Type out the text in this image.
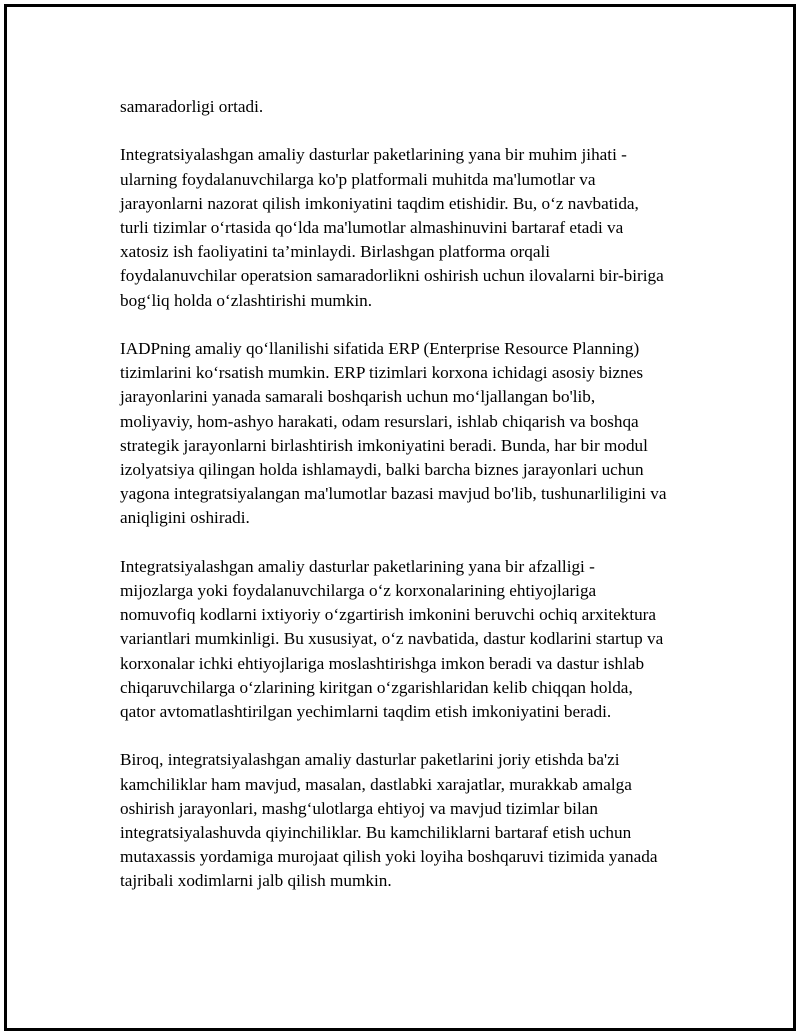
samaradorligi ortadi.

Integratsiyalashgan amaliy dasturlar paketlarining yana bir muhim jihati - ularning foydalanuvchilarga ko'p platformali muhitda ma'lumotlar va jarayonlarni nazorat qilish imkoniyatini taqdim etishidir. Bu, o‘z navbatida, turli tizimlar o‘rtasida qo‘lda ma'lumotlar almashinuvini bartaraf etadi va xatosiz ish faoliyatini ta’minlaydi. Birlashgan platforma orqali foydalanuvchilar operatsion samaradorlikni oshirish uchun ilovalarni bir-biriga bog‘liq holda o‘zlashtirishi mumkin.

IADPning amaliy qo‘llanilishi sifatida ERP (Enterprise Resource Planning) tizimlarini ko‘rsatish mumkin. ERP tizimlari korxona ichidagi asosiy biznes jarayonlarini yanada samarali boshqarish uchun mo‘ljallangan bo'lib, moliyaviy, hom-ashyo harakati, odam resurslari, ishlab chiqarish va boshqa strategik jarayonlarni birlashtirish imkoniyatini beradi. Bunda, har bir modul izolyatsiya qilingan holda ishlamaydi, balki barcha biznes jarayonlari uchun yagona integratsiyalangan ma'lumotlar bazasi mavjud bo'lib, tushunarliligini va aniqligini oshiradi.

Integratsiyalashgan amaliy dasturlar paketlarining yana bir afzalligi - mijozlarga yoki foydalanuvchilarga o‘z korxonalarining ehtiyojlariga nomuvofiq kodlarni ixtiyoriy o‘zgartirish imkonini beruvchi ochiq arxitektura variantlari mumkinligi. Bu xususiyat, o‘z navbatida, dastur kodlarini startup va korxonalar ichki ehtiyojlariga moslashtirishga imkon beradi va dastur ishlab chiqaruvchilarga o‘zlarining kiritgan o‘zgarishlaridan kelib chiqqan holda, qator avtomatlashtirilgan yechimlarni taqdim etish imkoniyatini beradi.

Biroq, integratsiyalashgan amaliy dasturlar paketlarini joriy etishda ba'zi kamchiliklar ham mavjud, masalan, dastlabki xarajatlar, murakkab amalga oshirish jarayonlari, mashg‘ulotlarga ehtiyoj va mavjud tizimlar bilan integratsiyalashuvda qiyinchiliklar. Bu kamchiliklarni bartaraf etish uchun mutaxassis yordamiga murojaat qilish yoki loyiha boshqaruvi tizimida yanada tajribali xodimlarni jalb qilish mumkin.
